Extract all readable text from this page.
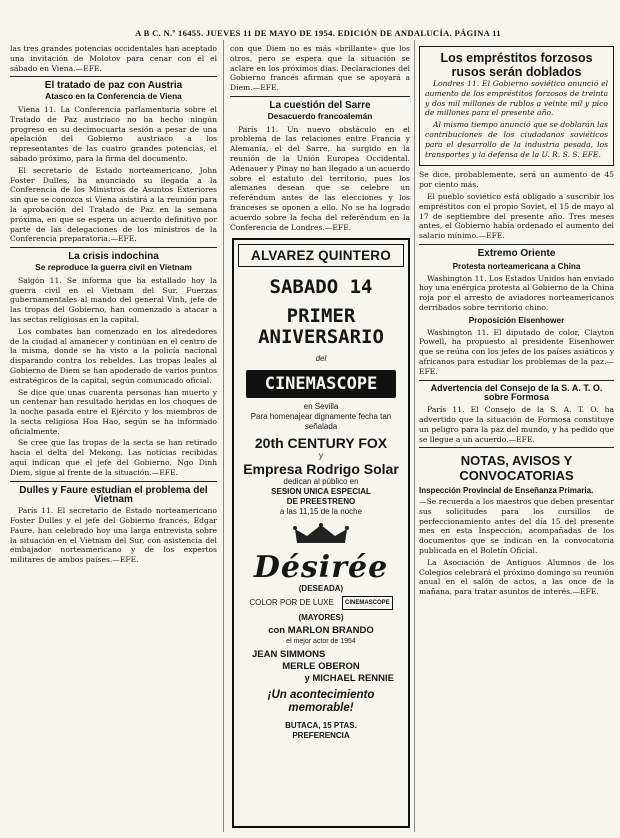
A B C. N.º 16455. JUEVES 11 DE MAYO DE 1954. EDICIÓN DE ANDALUCÍA. PÁGINA 11

las tres grandes potencias occidentales han aceptado una invitación de Molotov para cenar con él el sábado en Viena.—EFE.

El tratado de paz con Austria
Atasco en la Conferencia de Viena

Viena 11. La Conferencia parlamentaria sobre el Tratado de Paz austriaco no ha hecho ningún progreso en su decimocuarta sesión a pesar de una apelación del Gobierno austriaco a los representantes de las cuatro grandes potencias, el sábado próximo, para la firma del documento.

El secretario de Estado norteamericano, John Foster Dulles, ha anunciado su llegada a la Conferencia de los Ministros de Asuntos Exteriores sin que se conozca si Viena asistirá a la reunión para la aprobación del Tratado de Paz en la semana próxima, en que se espera un acuerdo definitivo por parte de las delegaciones de los ministros de la Conferencia preparatoria.—EFE.

La crisis indochina
Se reproduce la guerra civil en Vietnam

Saigón 11. Se informa que ha estallado hoy la guerra civil en el Vietnam del Sur. Fuerzas gubernamentales al mando del general Vinh, jefe de las tropas del Gobierno, han comenzado a atacar a las sectas religiosas en la capital.

Los combates han comenzado en los alrededores de la ciudad al amanecer y continúan en el centro de la misma, donde se ha visto a la policía nacional disparando contra los rebeldes. Las tropas leales al Gobierno de Diem se han apoderado de varios puntos estratégicos de la capital, según comunicado oficial.

Se dice que unas cuarenta personas han muerto y un centenar han resultado heridas en los choques de la noche pasada entre el Ejército y los miembros de la secta religiosa Hoa Hao, según se ha informado oficialmente.

Se cree que las tropas de la secta se han retirado hacia el delta del Mekong. Las noticias recibidas aquí indican que el jefe del Gobierno, Ngo Dinh Diem, sigue al frente de la situación.—EFE.

Dulles y Faure estudian el problema del Vietnam

París 11. El secretario de Estado norteamericano Foster Dulles y el jefe del Gobierno francés, Edgar Faure, han celebrado hoy una larga entrevista sobre la situación en el Vietnam del Sur, con asistencia del embajador norteamericano y de los expertos militares de ambos países.—EFE.

con que Diem no es más «brillante» que los otros, pero se espera que la situación se aclare en los próximos días. Declaraciones del Gobierno francés afirman que se apoyará a Diem.—EFE.

La cuestión del Sarre
Desacuerdo francoalemán

París 11. Un nuevo obstáculo en el problema de las relaciones entre Francia y Alemania, el del Sarre, ha surgido en la reunión de la Unión Europea Occidental. Adenauer y Pinay no han llegado a un acuerdo sobre el estatuto del territorio, pues los alemanes desean que se celebre un referéndum antes de las elecciones y los franceses se oponen a ello. No se ha logrado acuerdo sobre la fecha del referéndum en la Conferencia de Londres.—EFE.

ALVAREZ QUINTERO
SABADO 14
PRIMER
ANIVERSARIO
del
CINEMASCOPE
en Sevilla
Para homenajear dignamente fecha tan señalada
20th CENTURY FOX
y
Empresa Rodrigo Solar
dedican al público en
SESION UNICA ESPECIAL
DE PREESTRENO
a las 11,15 de la noche
Désirée
(DESEADA)
COLOR POR DE LUXE CINEMASCOPE
(MAYORES)
con MARLON BRANDO
el mejor actor de 1954
JEAN SIMMONS
MERLE OBERON
y MICHAEL RENNIE
¡Un acontecimiento
memorable!
BUTACA, 15 PTAS.
PREFERENCIA
Los empréstitos forzosos rusos serán doblados

Londres 11. El Gobierno soviético anunció el aumento de los empréstitos forzosos de treinta y dos mil millones de rublos a veinte mil y pico de millones para el presente año.

Al mismo tiempo anunció que se doblarán las contribuciones de los ciudadanos soviéticos para el desarrollo de la industria pesada, los transportes y la defensa de la U. R. S. S. EFE.

Se dice, probablemente, será un aumento de 45 por ciento más.

El pueblo soviético está obligado a suscribir los empréstitos con el propio Soviet, el 15 de mayo al 17 de septiembre del presente año. Tres meses antes, el Gobierno había ordenado el aumento del salario mínimo.—EFE.

Extremo Oriente
Protesta norteamericana a China

Washington 11. Los Estados Unidos han enviado hoy una enérgica protesta al Gobierno de la China roja por el arresto de aviadores norteamericanos derribados sobre territorio chino.

Proposición Eisenhower

Washington 11. El diputado de color, Clayton Powell, ha propuesto al presidente Eisenhower que se reúna con los jefes de los países asiáticos y africanos para estudiar los problemas de la paz.—EFE.

Advertencia del Consejo de la S. A. T. O. sobre Formosa

París 11. El Consejo de la S. A. T. O. ha advertido que la situación de Formosa constituye un peligro para la paz del mundo, y ha pedido que se llegue a un acuerdo.—EFE.

NOTAS, AVISOS Y CONVOCATORIAS
Inspección Provincial de Enseñanza Primaria.

—Se recuerda a los maestros que deben presentar sus solicitudes para los cursillos de perfeccionamiento antes del día 15 del presente mes en esta Inspección, acompañadas de los documentos que se indican en la convocatoria publicada en el Boletín Oficial.

La Asociación de Antiguos Alumnos de los Colegios celebrará el próximo domingo su reunión anual en el salón de actos, a las once de la mañana, para tratar asuntos de interés.—EFE.
